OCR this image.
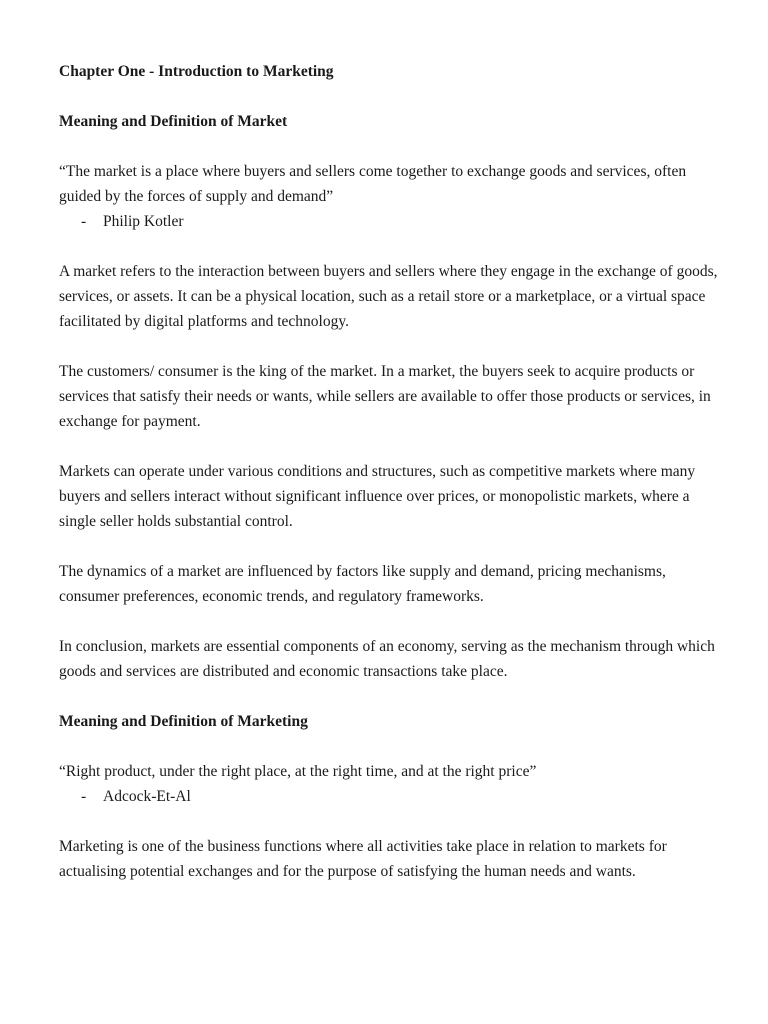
Chapter One - Introduction to Marketing

Meaning and Definition of Market

“The market is a place where buyers and sellers come together to exchange goods and services, often

guided by the forces of supply and demand”

-	Philip Kotler

A market refers to the interaction between buyers and sellers where they engage in the exchange of goods, services, or assets. It can be a physical location, such as a retail store or a marketplace, or a virtual space facilitated by digital platforms and technology.

The customers/ consumer is the king of the market. In a market, the buyers seek to acquire products or services that satisfy their needs or wants, while sellers are available to offer those products or services, in exchange for payment.

Markets can operate under various conditions and structures, such as competitive markets where many buyers and sellers interact without significant influence over prices, or monopolistic markets, where a single seller holds substantial control.

The dynamics of a market are influenced by factors like supply and demand, pricing mechanisms, consumer preferences, economic trends, and regulatory frameworks.

In conclusion, markets are essential components of an economy, serving as the mechanism through which goods and services are distributed and economic transactions take place.

Meaning and Definition of Marketing

“Right product, under the right place, at the right time, and at the right price”

-	Adcock-Et-Al

Marketing is one of the business functions where all activities take place in relation to markets for actualising potential exchanges and for the purpose of satisfying the human needs and wants.
